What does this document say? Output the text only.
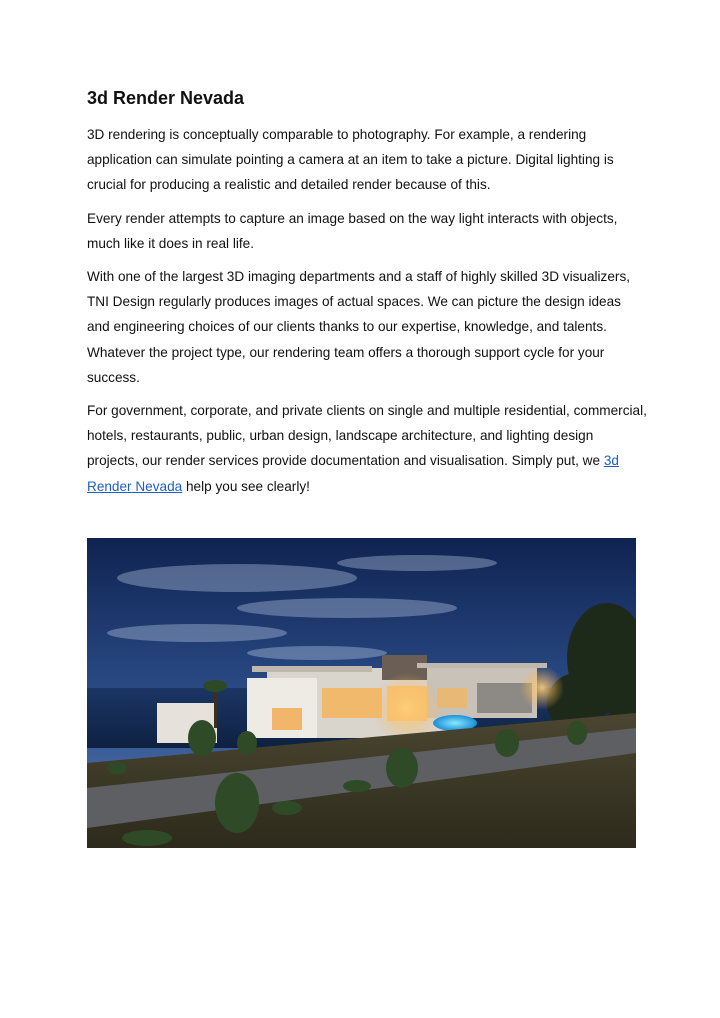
3d Render Nevada

3D rendering is conceptually comparable to photography. For example, a rendering application can simulate pointing a camera at an item to take a picture. Digital lighting is crucial for producing a realistic and detailed render because of this.

Every render attempts to capture an image based on the way light interacts with objects, much like it does in real life.

With one of the largest 3D imaging departments and a staff of highly skilled 3D visualizers, TNI Design regularly produces images of actual spaces. We can picture the design ideas and engineering choices of our clients thanks to our expertise, knowledge, and talents. Whatever the project type, our rendering team offers a thorough support cycle for your success.

For government, corporate, and private clients on single and multiple residential, commercial, hotels, restaurants, public, urban design, landscape architecture, and lighting design projects, our render services provide documentation and visualisation. Simply put, we 3d Render Nevada help you see clearly!
